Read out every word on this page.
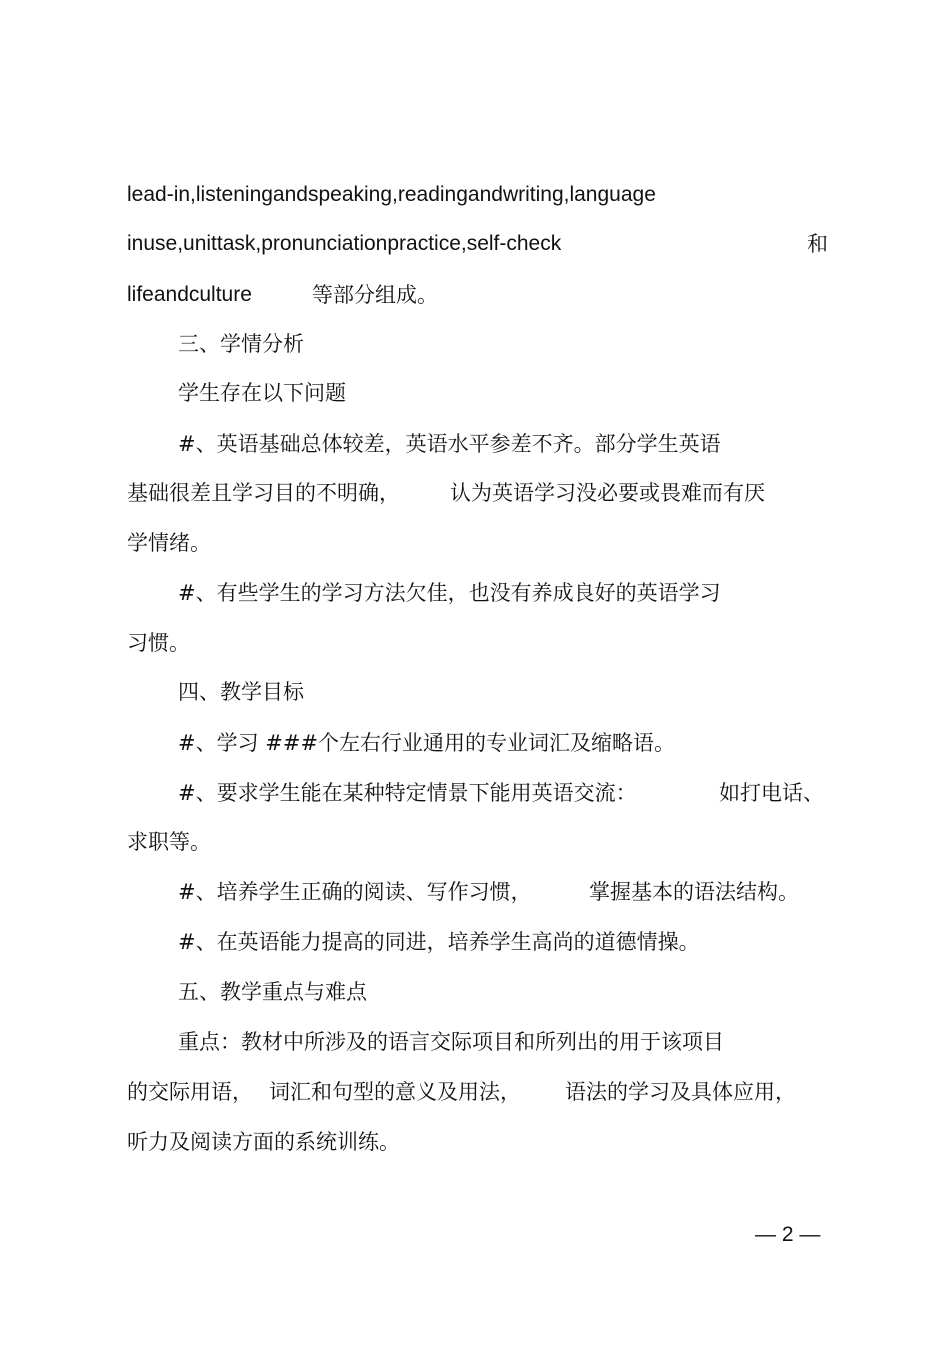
lead-in,listeningandspeaking,readingandwriting,language
inuse,unittask,pronunciationpractice,self-check	和
lifeandculture	等部分组成。
三、学情分析
学生存在以下问题
#、英语基础总体较差，英语水平参差不齐。部分学生英语
基础很差且学习目的不明确， 认为英语学习没必要或畏难而有厌
学情绪。
#、有些学生的学习方法欠佳，也没有养成良好的英语学习
习惯。
四、教学目标
#、学习 ###个左右行业通用的专业词汇及缩略语。
#、要求学生能在某种特定情景下能用英语交流：	如打电话、
求职等。
#、培养学生正确的阅读、写作习惯，	掌握基本的语法结构。
#、在英语能力提高的同进，培养学生高尚的道德情操。
五、教学重点与难点
重点：教材中所涉及的语言交际项目和所列出的用于该项目
的交际用语， 词汇和句型的意义及用法， 语法的学习及具体应用，
听力及阅读方面的系统训练。
— 2 —
